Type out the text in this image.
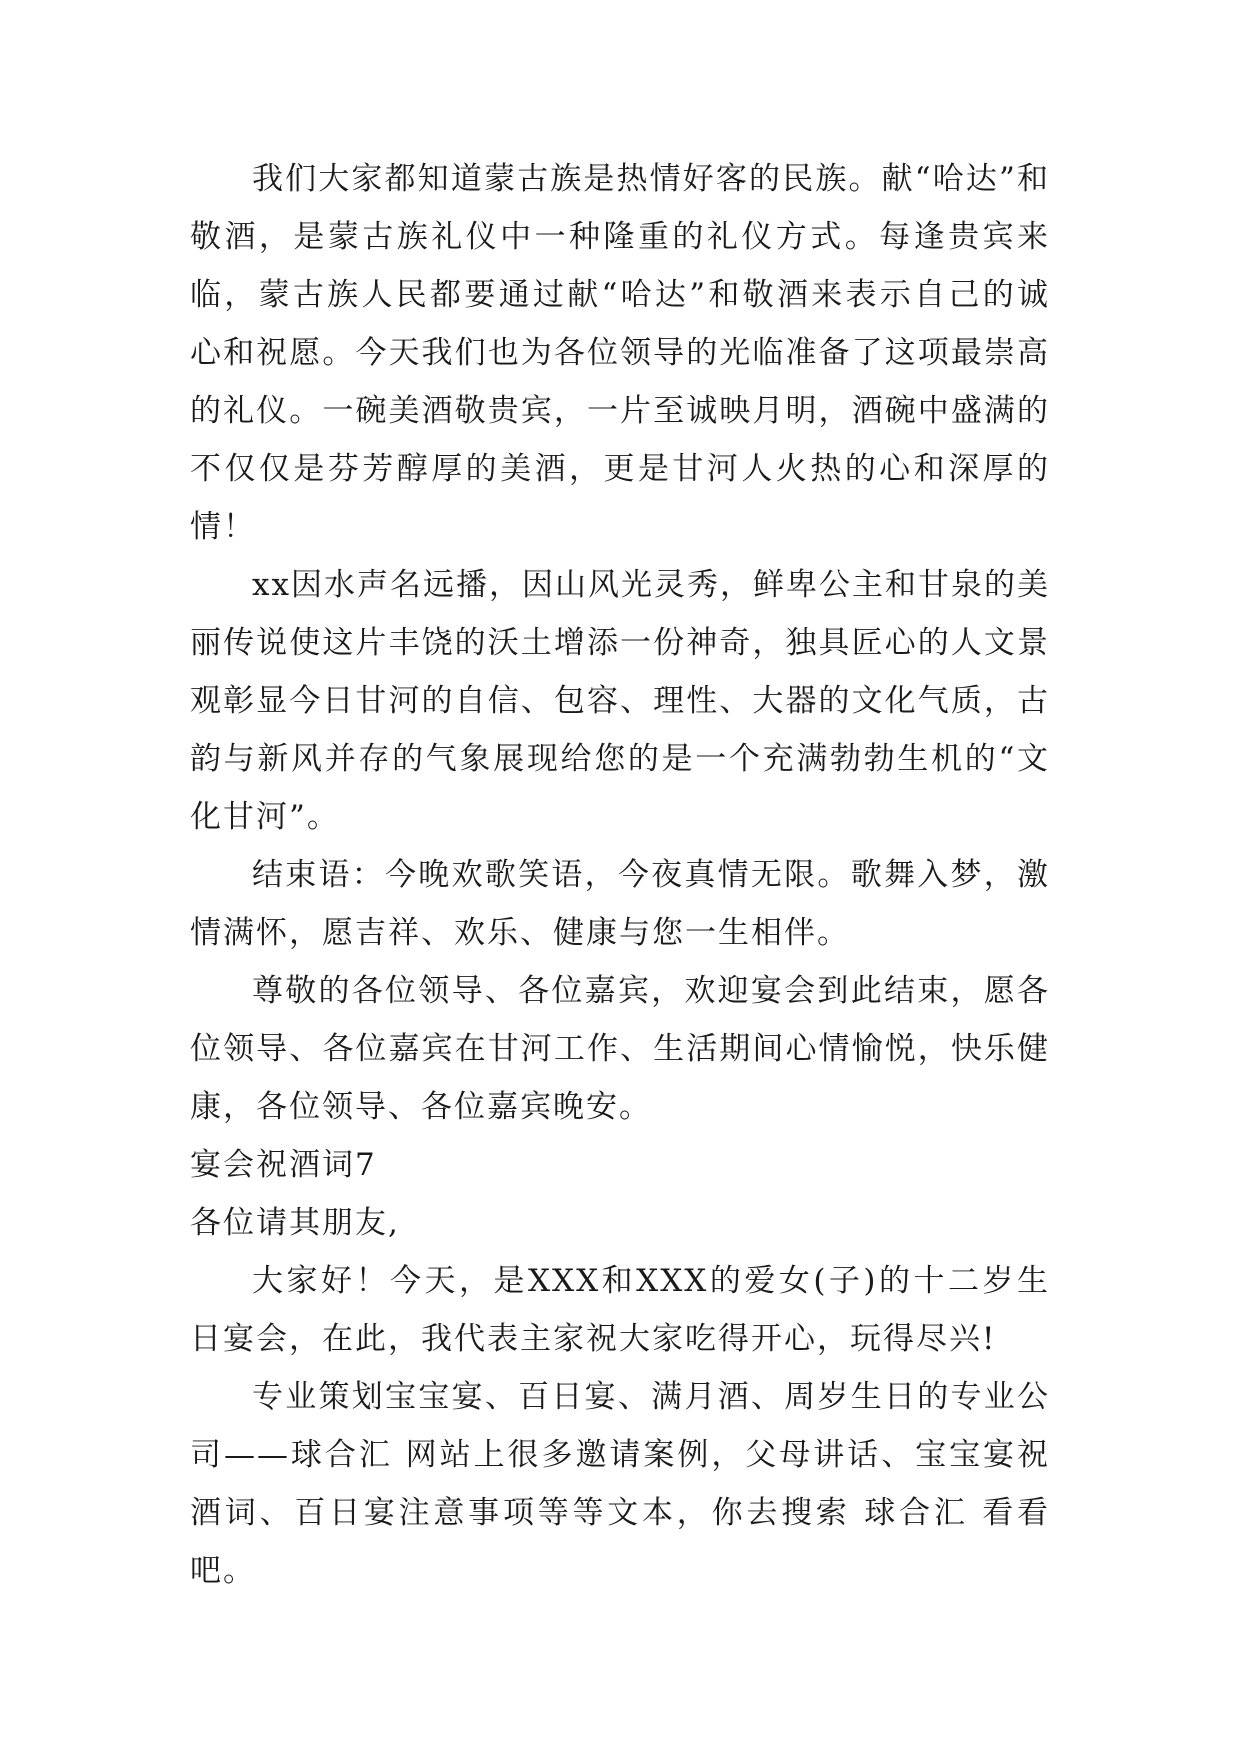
我们大家都知道蒙古族是热情好客的民族。献“哈达”和敬酒，是蒙古族礼仪中一种隆重的礼仪方式。每逢贵宾来临，蒙古族人民都要通过献“哈达”和敬酒来表示自己的诚心和祝愿。今天我们也为各位领导的光临准备了这项最崇高的礼仪。一碗美酒敬贵宾，一片至诚映月明，酒碗中盛满的不仅仅是芬芳醇厚的美酒，更是甘河人火热的心和深厚的情！

xx因水声名远播，因山风光灵秀，鲜卑公主和甘泉的美丽传说使这片丰饶的沃土增添一份神奇，独具匠心的人文景观彰显今日甘河的自信、包容、理性、大器的文化气质，古韵与新风并存的气象展现给您的是一个充满勃勃生机的“文化甘河”。

结束语：今晚欢歌笑语，今夜真情无限。歌舞入梦，激情满怀，愿吉祥、欢乐、健康与您一生相伴。

尊敬的各位领导、各位嘉宾，欢迎宴会到此结束，愿各位领导、各位嘉宾在甘河工作、生活期间心情愉悦，快乐健康，各位领导、各位嘉宾晚安。

宴会祝酒词7

各位请其朋友,

大家好！今天，是XXX和XXX的爱女(子)的十二岁生日宴会，在此，我代表主家祝大家吃得开心，玩得尽兴!

专业策划宝宝宴、百日宴、满月酒、周岁生日的专业公司——球合汇 网站上很多邀请案例，父母讲话、宝宝宴祝酒词、百日宴注意事项等等文本，你去搜索 球合汇 看看吧。
